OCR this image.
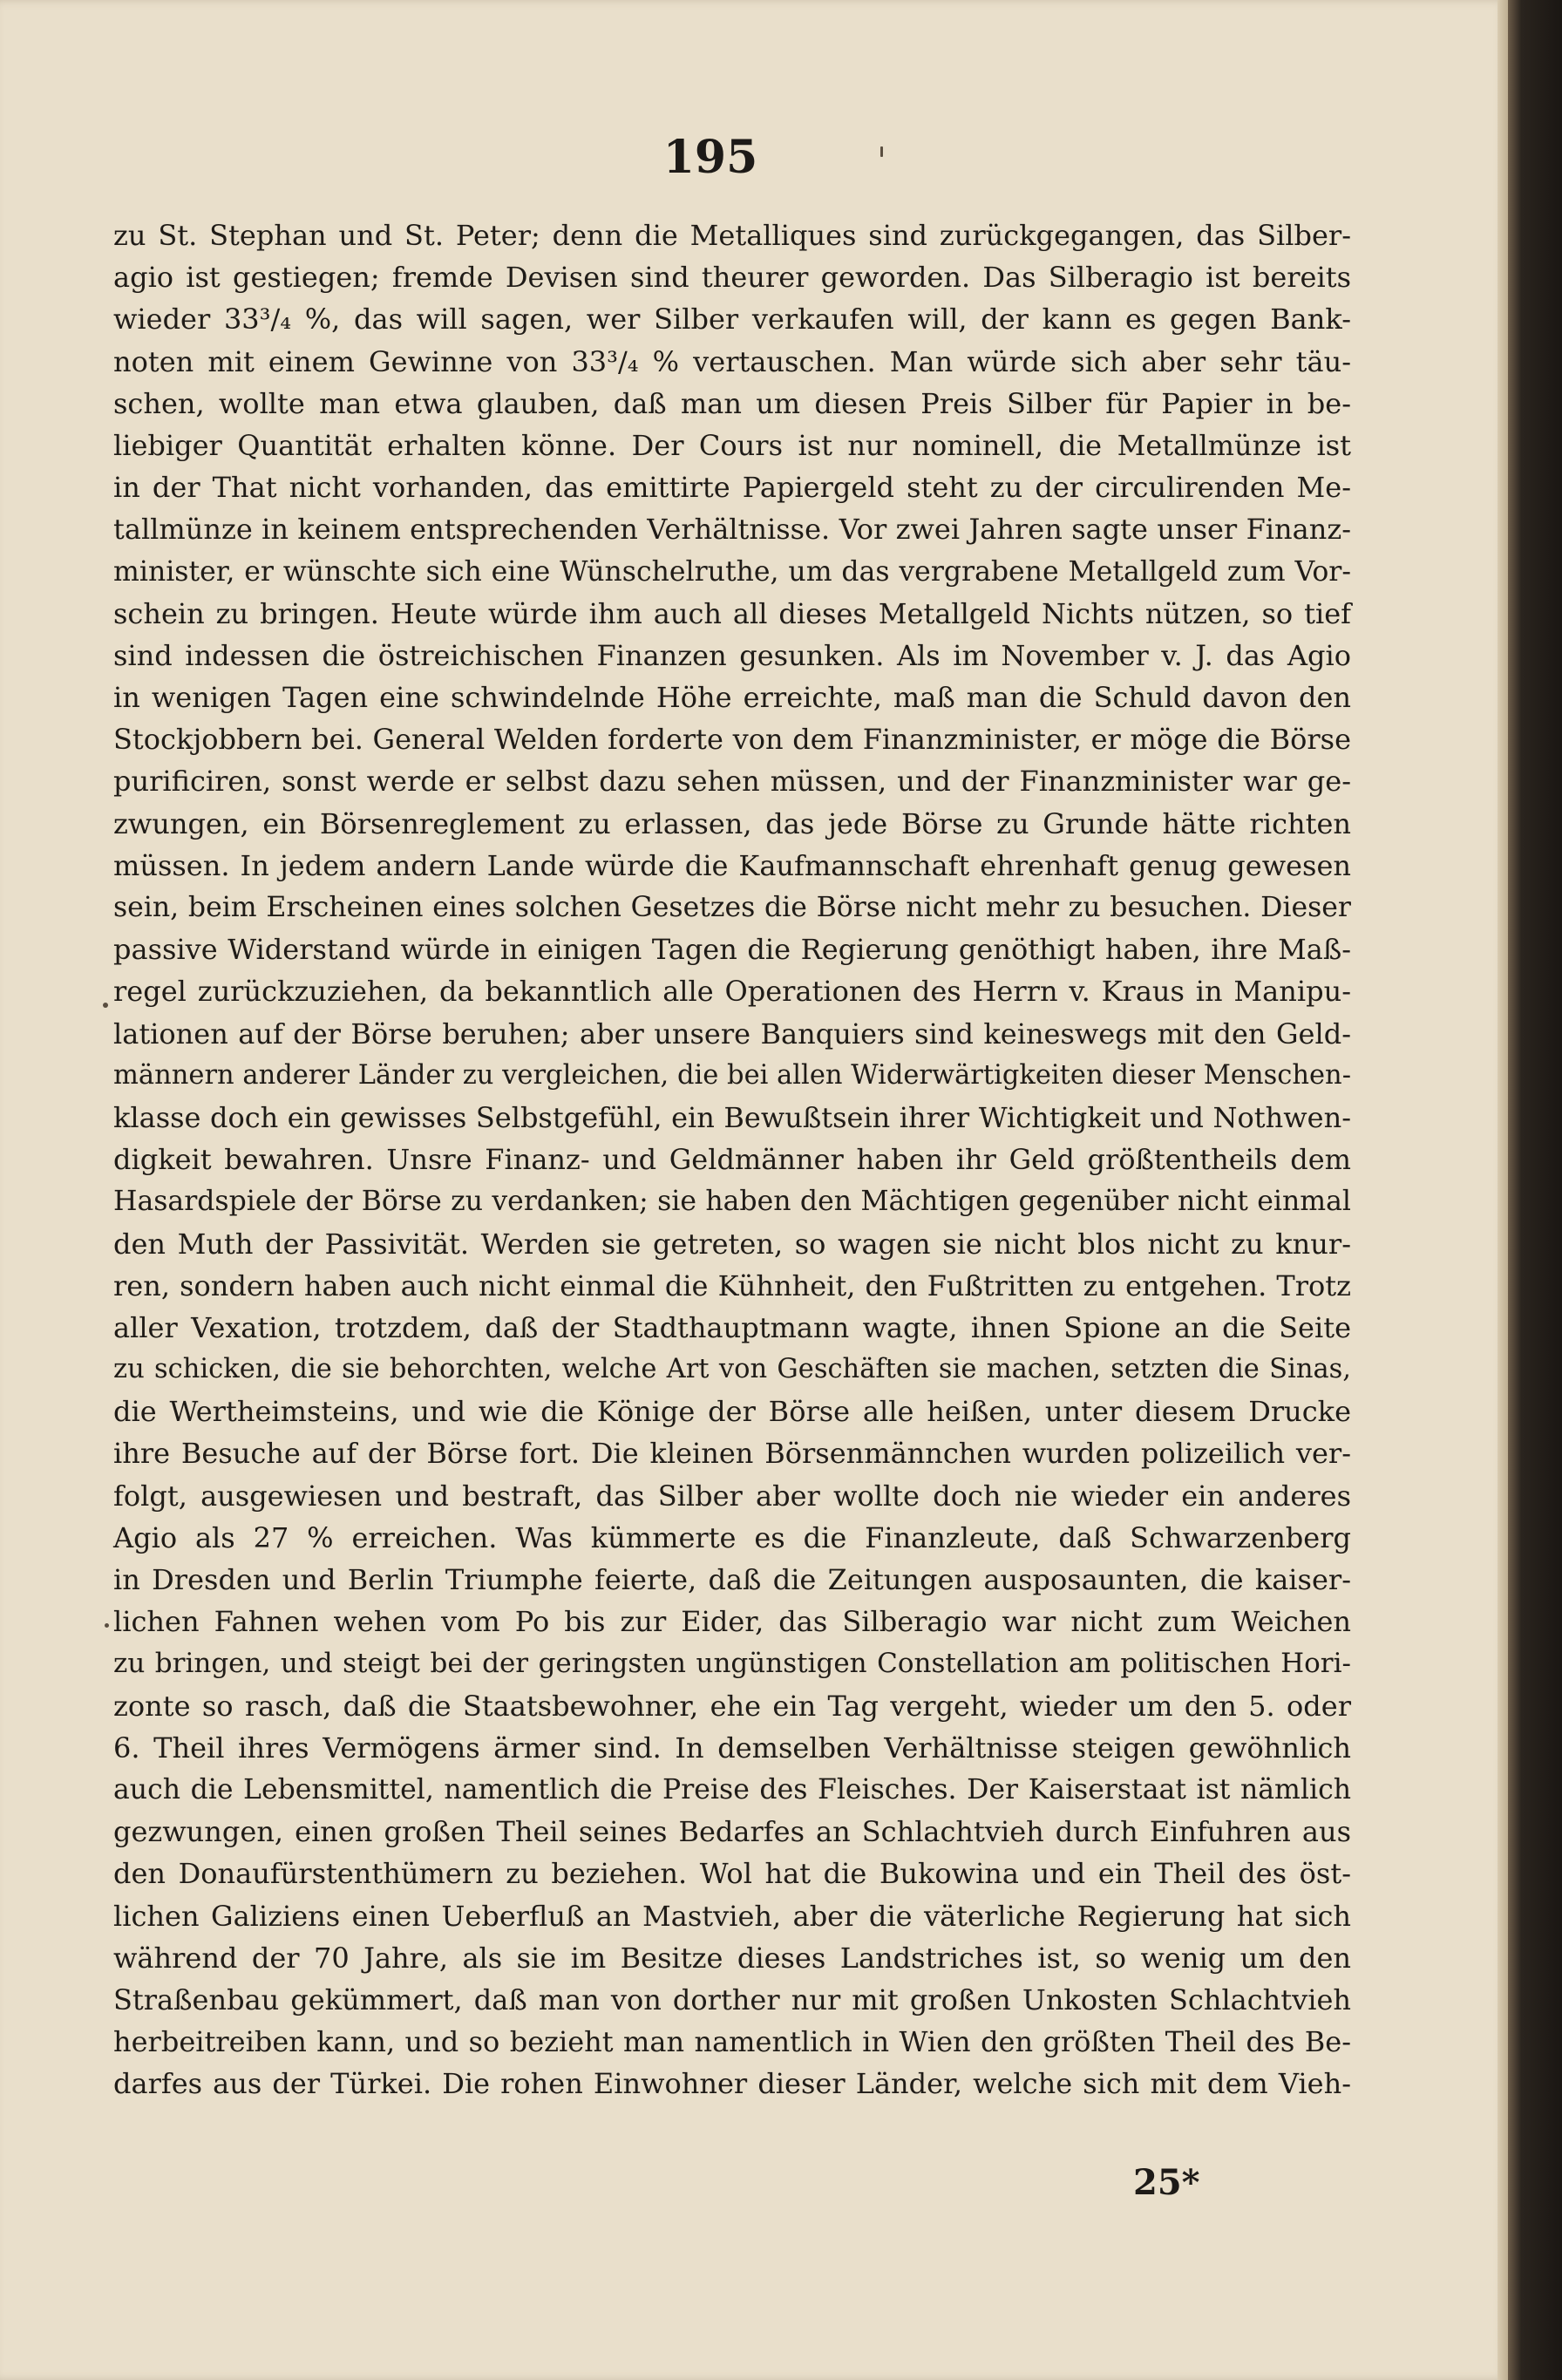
195
zu St. Stephan und St. Peter; denn die Metalliques sind zurückgegangen, das Silber-
agio ist gestiegen; fremde Devisen sind theurer geworden. Das Silberagio ist bereits
wieder 33³/₄ %, das will sagen, wer Silber verkaufen will, der kann es gegen Bank-
noten mit einem Gewinne von 33³/₄ % vertauschen. Man würde sich aber sehr täu-
schen, wollte man etwa glauben, daß man um diesen Preis Silber für Papier in be-
liebiger Quantität erhalten könne. Der Cours ist nur nominell, die Metallmünze ist
in der That nicht vorhanden, das emittirte Papiergeld steht zu der circulirenden Me-
tallmünze in keinem entsprechenden Verhältnisse. Vor zwei Jahren sagte unser Finanz-
minister, er wünschte sich eine Wünschelruthe, um das vergrabene Metallgeld zum Vor-
schein zu bringen. Heute würde ihm auch all dieses Metallgeld Nichts nützen, so tief
sind indessen die östreichischen Finanzen gesunken. Als im November v. J. das Agio
in wenigen Tagen eine schwindelnde Höhe erreichte, maß man die Schuld davon den
Stockjobbern bei. General Welden forderte von dem Finanzminister, er möge die Börse
purificiren, sonst werde er selbst dazu sehen müssen, und der Finanzminister war ge-
zwungen, ein Börsenreglement zu erlassen, das jede Börse zu Grunde hätte richten
müssen. In jedem andern Lande würde die Kaufmannschaft ehrenhaft genug gewesen
sein, beim Erscheinen eines solchen Gesetzes die Börse nicht mehr zu besuchen. Dieser
passive Widerstand würde in einigen Tagen die Regierung genöthigt haben, ihre Maß-
regel zurückzuziehen, da bekanntlich alle Operationen des Herrn v. Kraus in Manipu-
lationen auf der Börse beruhen; aber unsere Banquiers sind keineswegs mit den Geld-
männern anderer Länder zu vergleichen, die bei allen Widerwärtigkeiten dieser Menschen-
klasse doch ein gewisses Selbstgefühl, ein Bewußtsein ihrer Wichtigkeit und Nothwen-
digkeit bewahren. Unsre Finanz- und Geldmänner haben ihr Geld größtentheils dem
Hasardspiele der Börse zu verdanken; sie haben den Mächtigen gegenüber nicht einmal
den Muth der Passivität. Werden sie getreten, so wagen sie nicht blos nicht zu knur-
ren, sondern haben auch nicht einmal die Kühnheit, den Fußtritten zu entgehen. Trotz
aller Vexation, trotzdem, daß der Stadthauptmann wagte, ihnen Spione an die Seite
zu schicken, die sie behorchten, welche Art von Geschäften sie machen, setzten die Sinas,
die Wertheimsteins, und wie die Könige der Börse alle heißen, unter diesem Drucke
ihre Besuche auf der Börse fort. Die kleinen Börsenmännchen wurden polizeilich ver-
folgt, ausgewiesen und bestraft, das Silber aber wollte doch nie wieder ein anderes
Agio als 27 % erreichen. Was kümmerte es die Finanzleute, daß Schwarzenberg
in Dresden und Berlin Triumphe feierte, daß die Zeitungen ausposaunten, die kaiser-
lichen Fahnen wehen vom Po bis zur Eider, das Silberagio war nicht zum Weichen
zu bringen, und steigt bei der geringsten ungünstigen Constellation am politischen Hori-
zonte so rasch, daß die Staatsbewohner, ehe ein Tag vergeht, wieder um den 5. oder
6. Theil ihres Vermögens ärmer sind. In demselben Verhältnisse steigen gewöhnlich
auch die Lebensmittel, namentlich die Preise des Fleisches. Der Kaiserstaat ist nämlich
gezwungen, einen großen Theil seines Bedarfes an Schlachtvieh durch Einfuhren aus
den Donaufürstenthümern zu beziehen. Wol hat die Bukowina und ein Theil des öst-
lichen Galiziens einen Ueberfluß an Mastvieh, aber die väterliche Regierung hat sich
während der 70 Jahre, als sie im Besitze dieses Landstriches ist, so wenig um den
Straßenbau gekümmert, daß man von dorther nur mit großen Unkosten Schlachtvieh
herbeitreiben kann, und so bezieht man namentlich in Wien den größten Theil des Be-
darfes aus der Türkei. Die rohen Einwohner dieser Länder, welche sich mit dem Vieh-
25*
